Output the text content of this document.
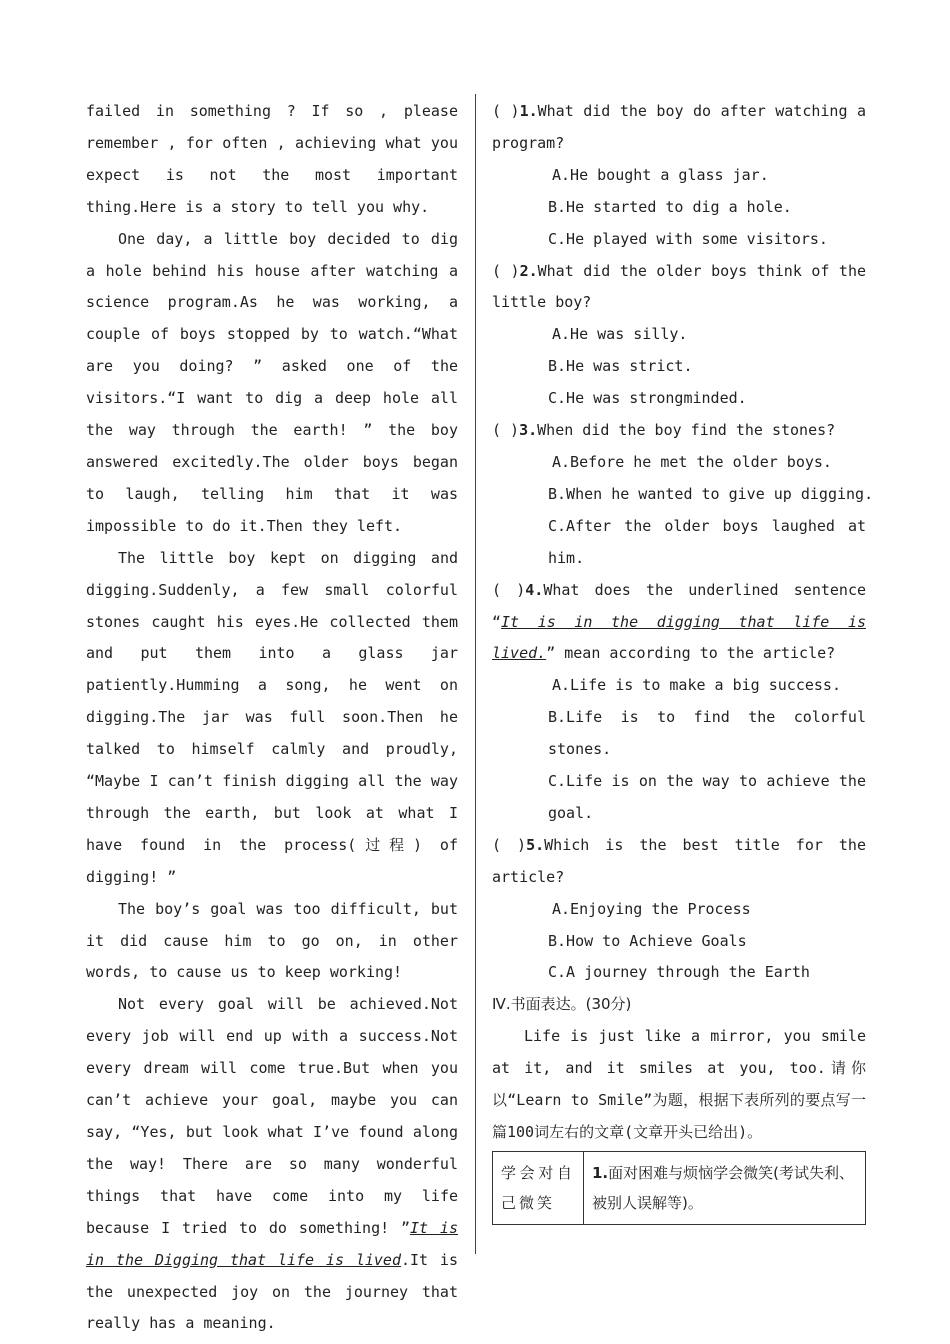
failed in something ? If so , please remember , for often , achieving what you expect is not the most important thing.Here is a story to tell you why.

One day, a little boy decided to dig a hole behind his house after watching a science program.As he was working, a couple of boys stopped by to watch.“What are you doing? ” asked one of the visitors.“I want to dig a deep hole all the way through the earth! ” the boy answered excitedly.The older boys began to laugh, telling him that it was impossible to do it.Then they left.

The little boy kept on digging and digging.Suddenly, a few small colorful stones caught his eyes.He collected them and put them into a glass jar patiently.Humming a song, he went on digging.The jar was full soon.Then he talked to himself calmly and proudly, “Maybe I can’t finish digging all the way through the earth, but look at what I have found in the process(过程) of digging! ”

The boy’s goal was too difficult, but it did cause him to go on, in other words, to cause us to keep working!

Not every goal will be achieved.Not every job will end up with a success.Not every dream will come true.But when you can’t achieve your goal, maybe you can say, “Yes, but look what I’ve found along the way! There are so many wonderful things that have come into my life because I tried to do something! ”It is in the Digging that life is lived.It is the unexpected joy on the journey that really has a meaning.

( )1.What did the boy do after watching a program?

A.He bought a glass jar.
B.He started to dig a hole.
C.He played with some visitors.

( )2.What did the older boys think of the little boy?

A.He was silly.
B.He was strict.
C.He was strongminded.

( )3.When did the boy find the stones?

A.Before he met the older boys.
B.When he wanted to give up digging.

C.After the older boys laughed at him.

( )4.What does the underlined sentence “It is in the digging that life is lived.” mean according to the article?

A.Life is to make a big success.

B.Life is to find the colorful stones.

C.Life is on the way to achieve the goal.

( )5.Which is the best title for the article?

A.Enjoying the Process
B.How to Achieve Goals
C.A journey through the Earth
Ⅳ.书面表达。(30分)

Life is just like a mirror, you smile at it, and it smiles at you, too.请你以“Learn to Smile”为题，根据下表所列的要点写一篇100词左右的文章(文章开头已给出)。

学会对自己微笑	1.面对困难与烦恼学会微笑(考试失利、被别人误解等)。
